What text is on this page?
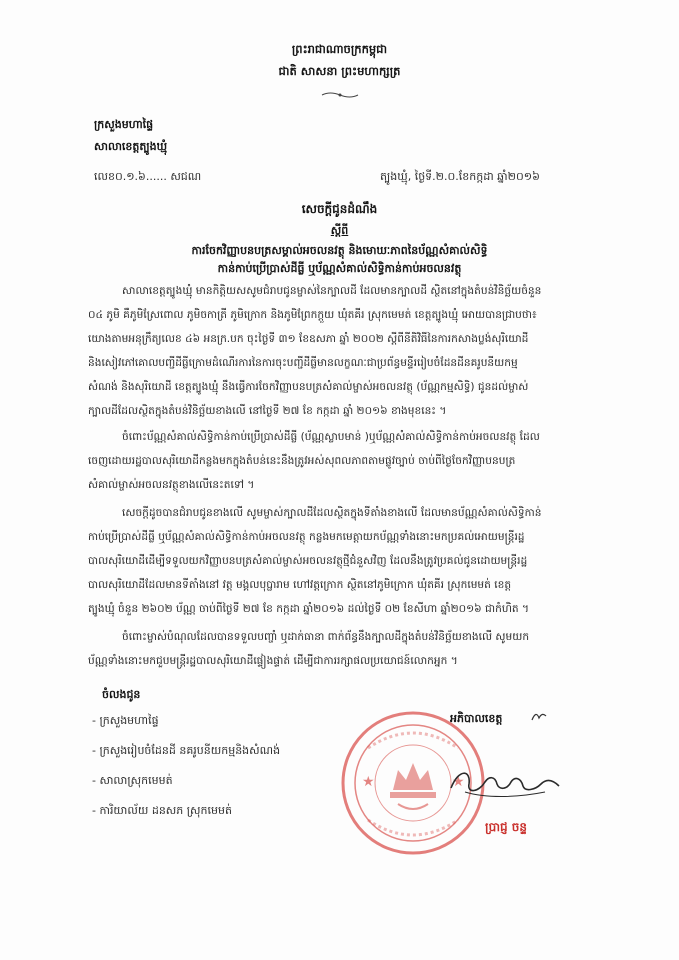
ព្រះរាជាណាចក្រកម្ពុជា
ជាតិ សាសនា ព្រះមហាក្សត្រ
ក្រសួងមហាផ្ទៃ
សាលាខេត្តត្បូងឃ្មុំ
លេខ០.១.៦...... សជណ	ត្បូងឃ្មុំ, ថ្ងៃទី.២.០.ខែកក្កដា ឆ្នាំ២០១៦
សេចក្តីជូនដំណឹង
ស្តីពី
ការចែកវិញ្ញាបនបត្រសម្គាល់អចលនវត្ថុ និងមោឃៈភាពនៃប័ណ្ណសំគាល់សិទ្ធិ
កាន់កាប់ប្រើប្រាស់ដីធ្លី ឬប័ណ្ណសំគាល់សិទ្ធិកាន់កាប់អចលនវត្ថុ
សាលាខេត្តត្បូងឃ្មុំ មានកិត្តិយសសូមជំរាបជូនម្ចាស់នៃក្បាលដី ដែលមានក្បាលដី ស្ថិតនៅក្នុងតំបន់វិនិច្ឆ័យចំនួន
០៤ ភូមិ គឺភូមិស្រែពោល ភូមិចកាត្រី ភូមិក្រោក និងភូមិព្រែកក្ដួយ ឃុំតគីរ ស្រុកមេមត់ ខេត្តត្បូងឃ្មុំ អោយបានជ្រាបថា៖
យោងតាមអនុក្រឹត្យលេខ ៤៦ អនក្រ.បក ចុះថ្ងៃទី ៣១ ខែឧសភា ឆ្នាំ ២០០២ ស្តីពីនីតិវិធីនៃការកសាងប្លង់សុរិយោដី
និងសៀវភៅគោលបញ្ជីដីធ្លីក្រោមដំណើរការនៃការចុះបញ្ជីដីធ្លីមានលក្ខណៈជាប្រព័ន្ធមន្ទីររៀបចំដែនដីនគរូបនីយកម្ម
សំណង់ និងសុរិយោដី ខេត្តត្បូងឃ្មុំ នឹងធ្វើការចែកវិញ្ញាបនបត្រសំគាល់ម្ចាស់អចលនវត្ថុ (ប័ណ្ណកម្មសិទ្ធិ) ជូនដល់ម្ចាស់
ក្បាលដីដែលស្ថិតក្នុងតំបន់វិនិច្ឆ័យខាងលើ នៅថ្ងៃទី ២៧ ខែ កក្កដា ឆ្នាំ ២០១៦ ខាងមុខនេះ ។
ចំពោះប័ណ្ណសំគាល់សិទ្ធិកាន់កាប់ប្រើប្រាស់ដីធ្លី (ប័ណ្ណស្លាបមាន់ )ឬប័ណ្ណសំគាល់សិទ្ធិកាន់កាប់អចលនវត្ថុ ដែល
ចេញដោយរដ្ឋបាលសុរិយោដីកន្លងមកក្នុងតំបន់នេះនឹងត្រូវអស់សុពលភាពតាមផ្លូវច្បាប់ ចាប់ពីថ្ងៃចែកវិញ្ញាបនបត្រ
សំគាល់ម្ចាស់អចលនវត្ថុខាងលើនេះតទៅ ។
សេចក្ដីដូចបានជំរាបជូនខាងលើ សូមម្ចាស់ក្បាលដីដែលស្ថិតក្នុងទីតាំងខាងលើ ដែលមានប័ណ្ណសំគាល់សិទ្ធិកាន់
កាប់ប្រើប្រាស់ដីធ្លី ឬប័ណ្ណសំគាល់សិទ្ធិកាន់កាប់អចលនវត្ថុ កន្លងមកមេត្តាយកប័ណ្ណទាំងនោះមកប្រគល់អោយមន្ត្រីរដ្ឋ
បាលសុរិយោដីដើម្បីទទួលយកវិញ្ញាបនបត្រសំគាល់ម្ចាស់អចលនវត្ថុថ្មីជំនួសវិញ ដែលនឹងត្រូវប្រគល់ជូនដោយមន្ត្រីរដ្ឋ
បាលសុរិយោដីដែលមានទីតាំងនៅ វត្ត មង្គលបុប្ផារាម ហៅវត្តក្រោក ស្ថិតនៅភូមិក្រោក ឃុំតគីរ ស្រុកមេមត់ ខេត្ត
ត្បូងឃ្មុំ ចំនួន ២៦០២ ប័ណ្ណ ចាប់ពីថ្ងៃទី ២៧ ខែ កក្កដា ឆ្នាំ២០១៦ ដល់ថ្ងៃទី ០២ ខែសីហា ឆ្នាំ២០១៦ ជាកំហិត ។
ចំពោះម្ចាស់បំណុលដែលបានទទួលបញ្ចាំ ឬដាក់ធានា ពាក់ព័ន្ធនឹងក្បាលដីក្នុងតំបន់វិនិច្ឆ័យខាងលើ សូមយក
ប័ណ្ណទាំងនោះមកជួបមន្ត្រីរដ្ឋបាលសុរិយោដីផ្ទៀងផ្ទាត់ ដើម្បីជាការរក្សាផលប្រយោជន៍លោកអ្នក ។
★	★
អភិបាលខេត្ត
ប្រាជ្ញ ចន្ទ
ចំលងជូន
- ក្រសួងមហាផ្ទៃ
- ក្រសួងរៀបចំដែនដី នគរូបនីយកម្មនិងសំណង់
- សាលាស្រុកមេមត់
- ការិយាល័យ ដនសភ ស្រុកមេមត់
